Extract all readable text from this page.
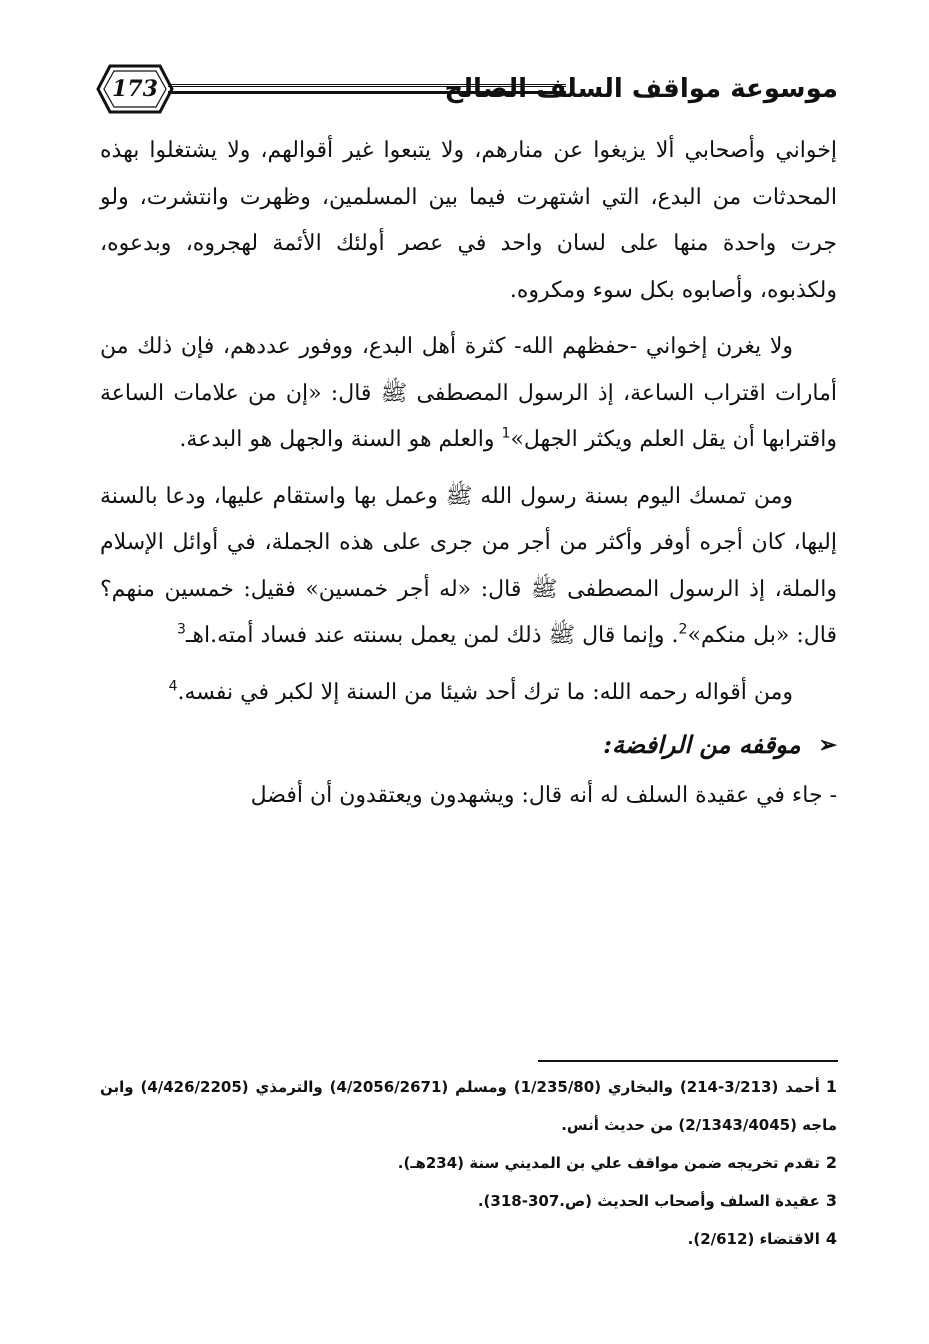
موسوعة مواقف السلف الصالح
173

إخواني وأصحابي ألا يزيغوا عن منارهم، ولا يتبعوا غير أقوالهم، ولا يشتغلوا بهذه المحدثات من البدع، التي اشتهرت فيما بين المسلمين، وظهرت وانتشرت، ولو جرت واحدة منها على لسان واحد في عصر أولئك الأئمة لهجروه، وبدعوه، ولكذبوه، وأصابوه بكل سوء ومكروه.

ولا يغرن إخواني -حفظهم الله- كثرة أهل البدع، ووفور عددهم، فإن ذلك من أمارات اقتراب الساعة، إذ الرسول المصطفى ﷺ قال: «إن من علامات الساعة واقترابها أن يقل العلم ويكثر الجهل»$^1$ والعلم هو السنة والجهل هو البدعة.

ومن تمسك اليوم بسنة رسول الله ﷺ وعمل بها واستقام عليها، ودعا بالسنة إليها، كان أجره أوفر وأكثر من أجر من جرى على هذه الجملة، في أوائل الإسلام والملة، إذ الرسول المصطفى ﷺ قال: «له أجر خمسين» فقيل: خمسين منهم؟ قال: «بل منكم»$^2$. وإنما قال ﷺ ذلك لمن يعمل بسنته عند فساد أمته.اهـ$^3$

ومن أقواله رحمه الله: ما ترك أحد شيئا من السنة إلا لكبر في نفسه.$^4$

➢
موقفه من الرافضة:

- جاء في عقيدة السلف له أنه قال: ويشهدون ويعتقدون أن أفضل

1أحمد (3/213-214) والبخاري (1/235/80) ومسلم (4/2056/2671) والترمذي (4/426/2205) وابن ماجه (2/1343/4045) من حديث أنس.

2تقدم تخريجه ضمن مواقف علي بن المديني سنة (234هـ).

3عقيدة السلف وأصحاب الحديث (ص.307-318).

4الاقتضاء (2/612).
